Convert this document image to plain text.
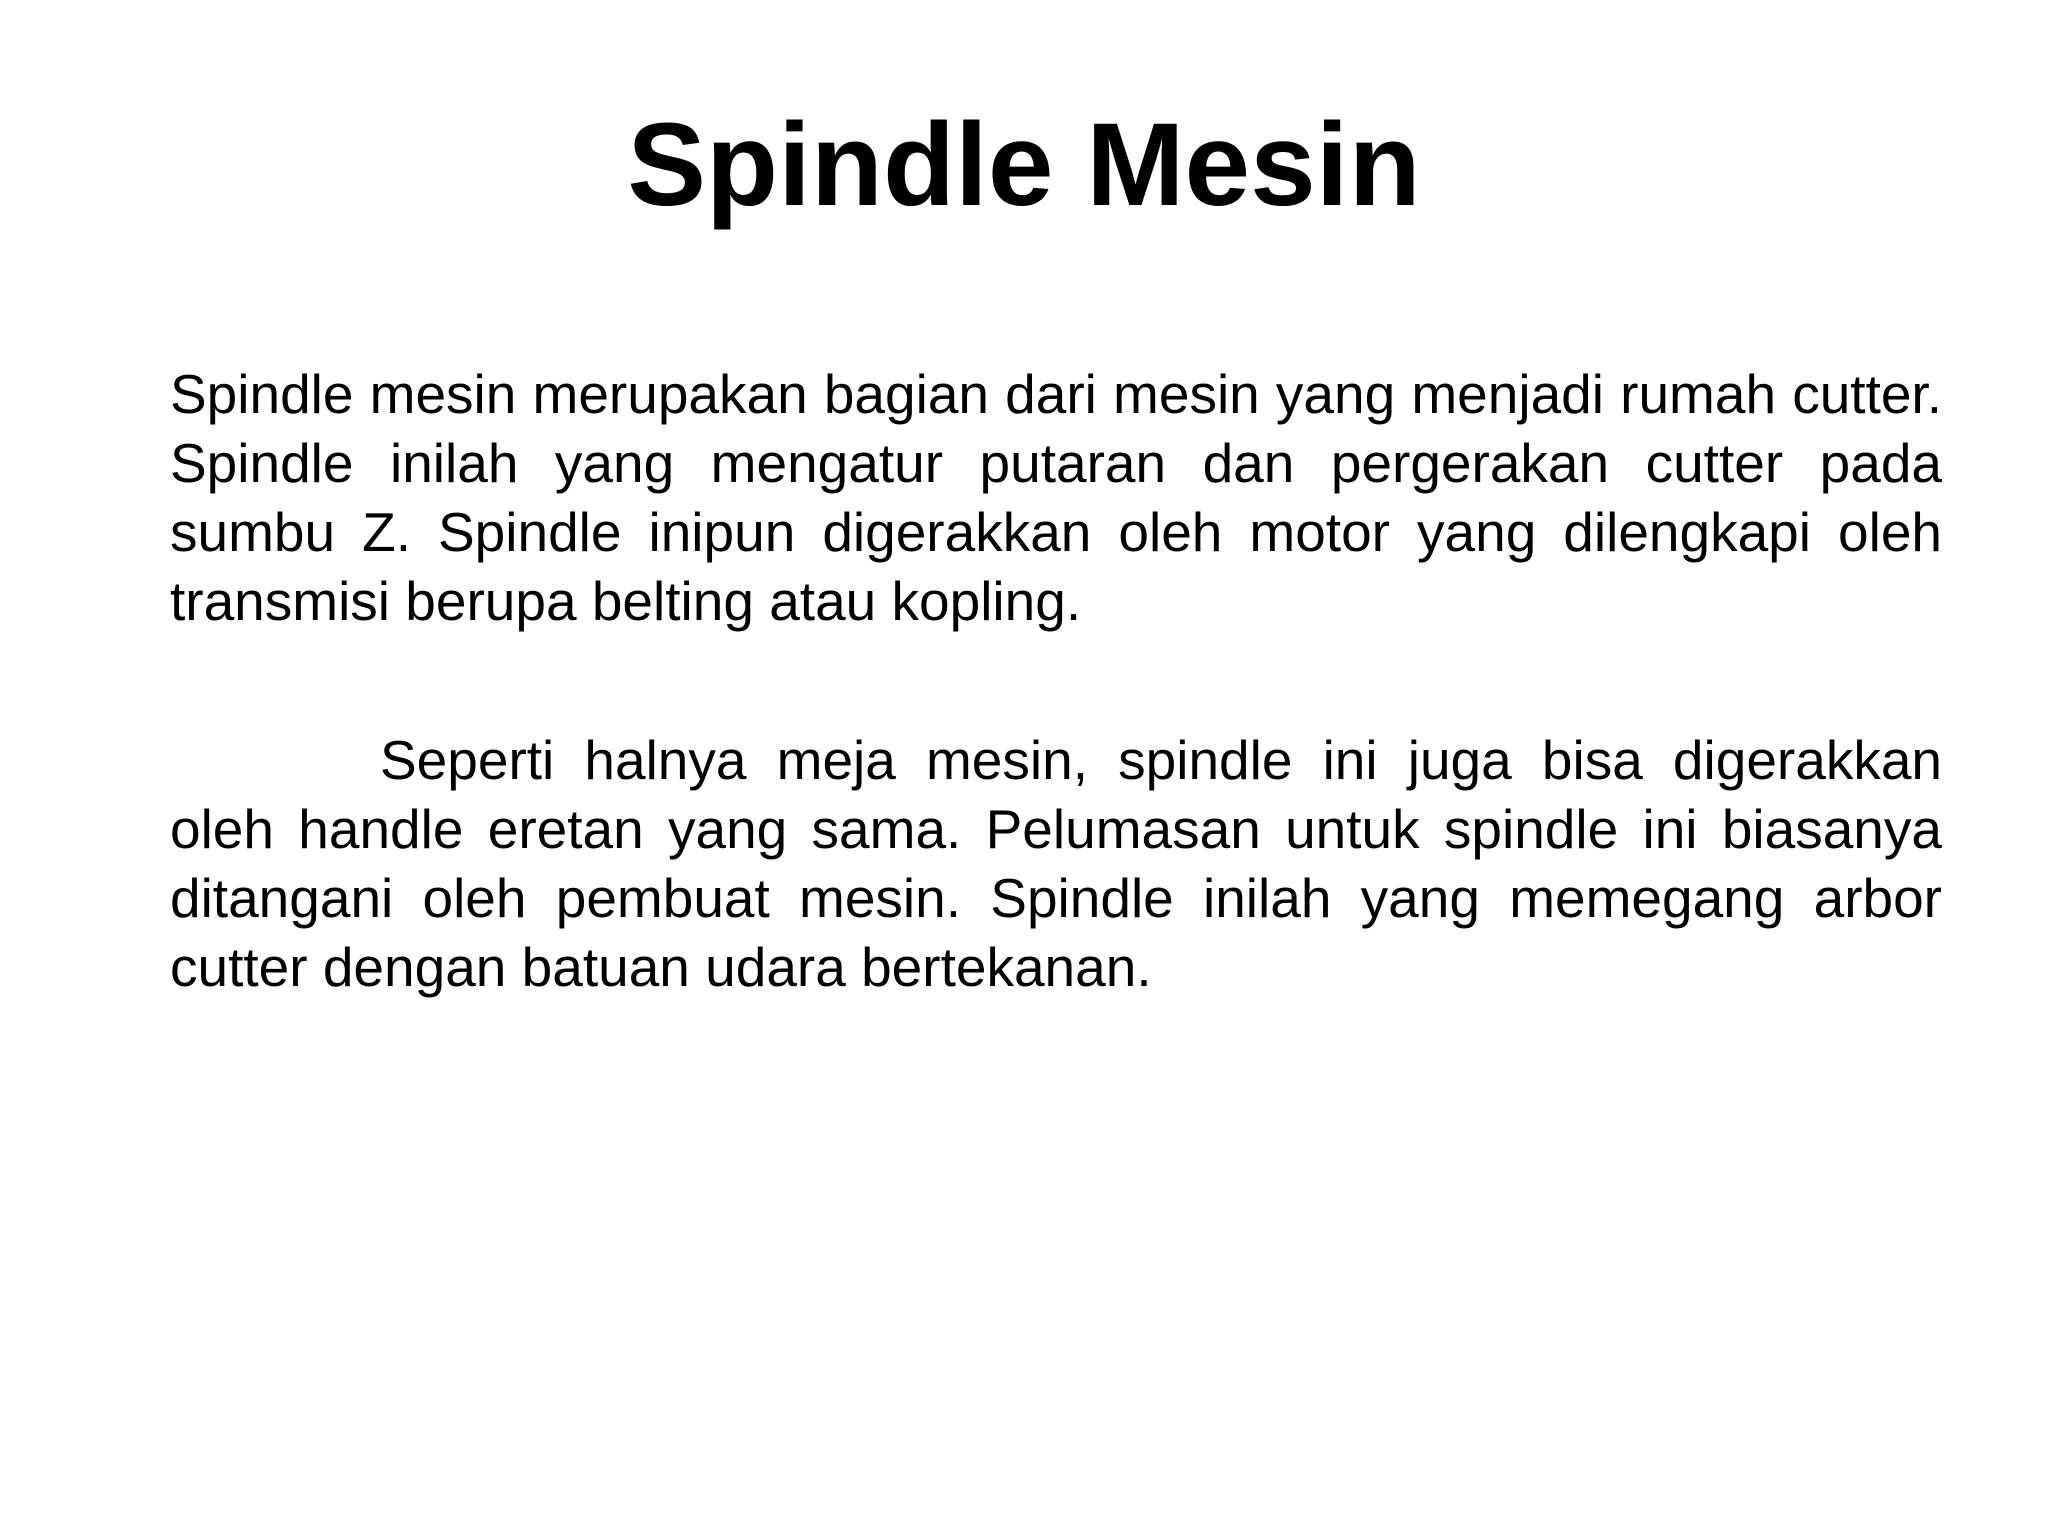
Spindle Mesin

Spindle mesin merupakan bagian dari mesin yang menjadi rumah cutter. Spindle inilah yang mengatur putaran dan pergerakan cutter pada sumbu Z. Spindle inipun digerakkan oleh motor yang dilengkapi oleh transmisi berupa belting atau kopling.

Seperti halnya meja mesin, spindle ini juga bisa digerakkan oleh handle eretan yang sama. Pelumasan untuk spindle ini biasanya ditangani oleh pembuat mesin. Spindle inilah yang memegang arbor cutter dengan batuan udara bertekanan.
